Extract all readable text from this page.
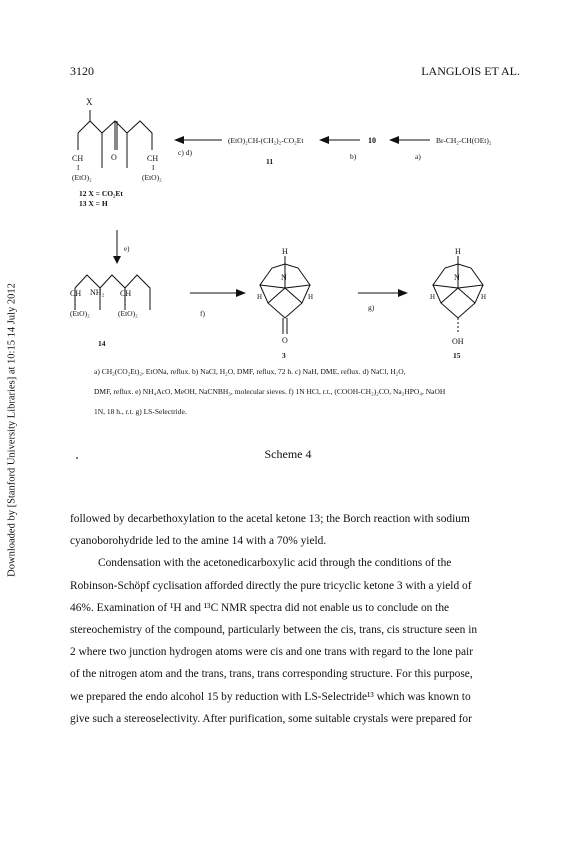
3120	LANGLOIS ET AL.
Downloaded by [Stanford University Libraries] at 10:15 14 July 2012
X
O
CH	CH
I	I
(EtO)₂	(EtO)₂
12 X = CO₂Et
13 X = H
c) d)
(EtO)₂CH-(CH₂)₂-CO₂Et
11
b)
10
a)
Br-CH₂-CH(OEt)₂
e)
NH₂
CH	CH
I	I
(EtO)₂	(EtO)₂
14
f)
H
N
H	H
O
3
g)
H
N
H	H
OH
15
a) CH₂(CO₂Et)₂, EtONa, reflux. b) NaCl, H₂O, DMF, reflux, 72 h. c) NaH, DME, reflux. d) NaCl, H₂O,
DMF, reflux. e) NH₄AcO, MeOH, NaCNBH₃, molecular sieves. f) 1N HCl, r.t., (COOH-CH₂)₂CO, Na₂HPO₄, NaOH
1N, 18 h., r.t. g) LS-Selectride.
Scheme 4

followed by decarbethoxylation to the acetal ketone 13; the Borch reaction with sodium

cyanoborohydride led to the amine 14 with a 70% yield.

Condensation with the acetonedicarboxylic acid through the conditions of the

Robinson-Schöpf cyclisation afforded directly the pure tricyclic ketone 3 with a yield of

46%. Examination of ¹H and ¹³C NMR spectra did not enable us to conclude on the

stereochemistry of the compound, particularly between the cis, trans, cis structure seen in

2 where two junction hydrogen atoms were cis and one trans with regard to the lone pair

of the nitrogen atom and the trans, trans, trans corresponding structure. For this purpose,

we prepared the endo alcohol 15 by reduction with LS-Selectride¹³ which was known to

give such a stereoselectivity. After purification, some suitable crystals were prepared for
